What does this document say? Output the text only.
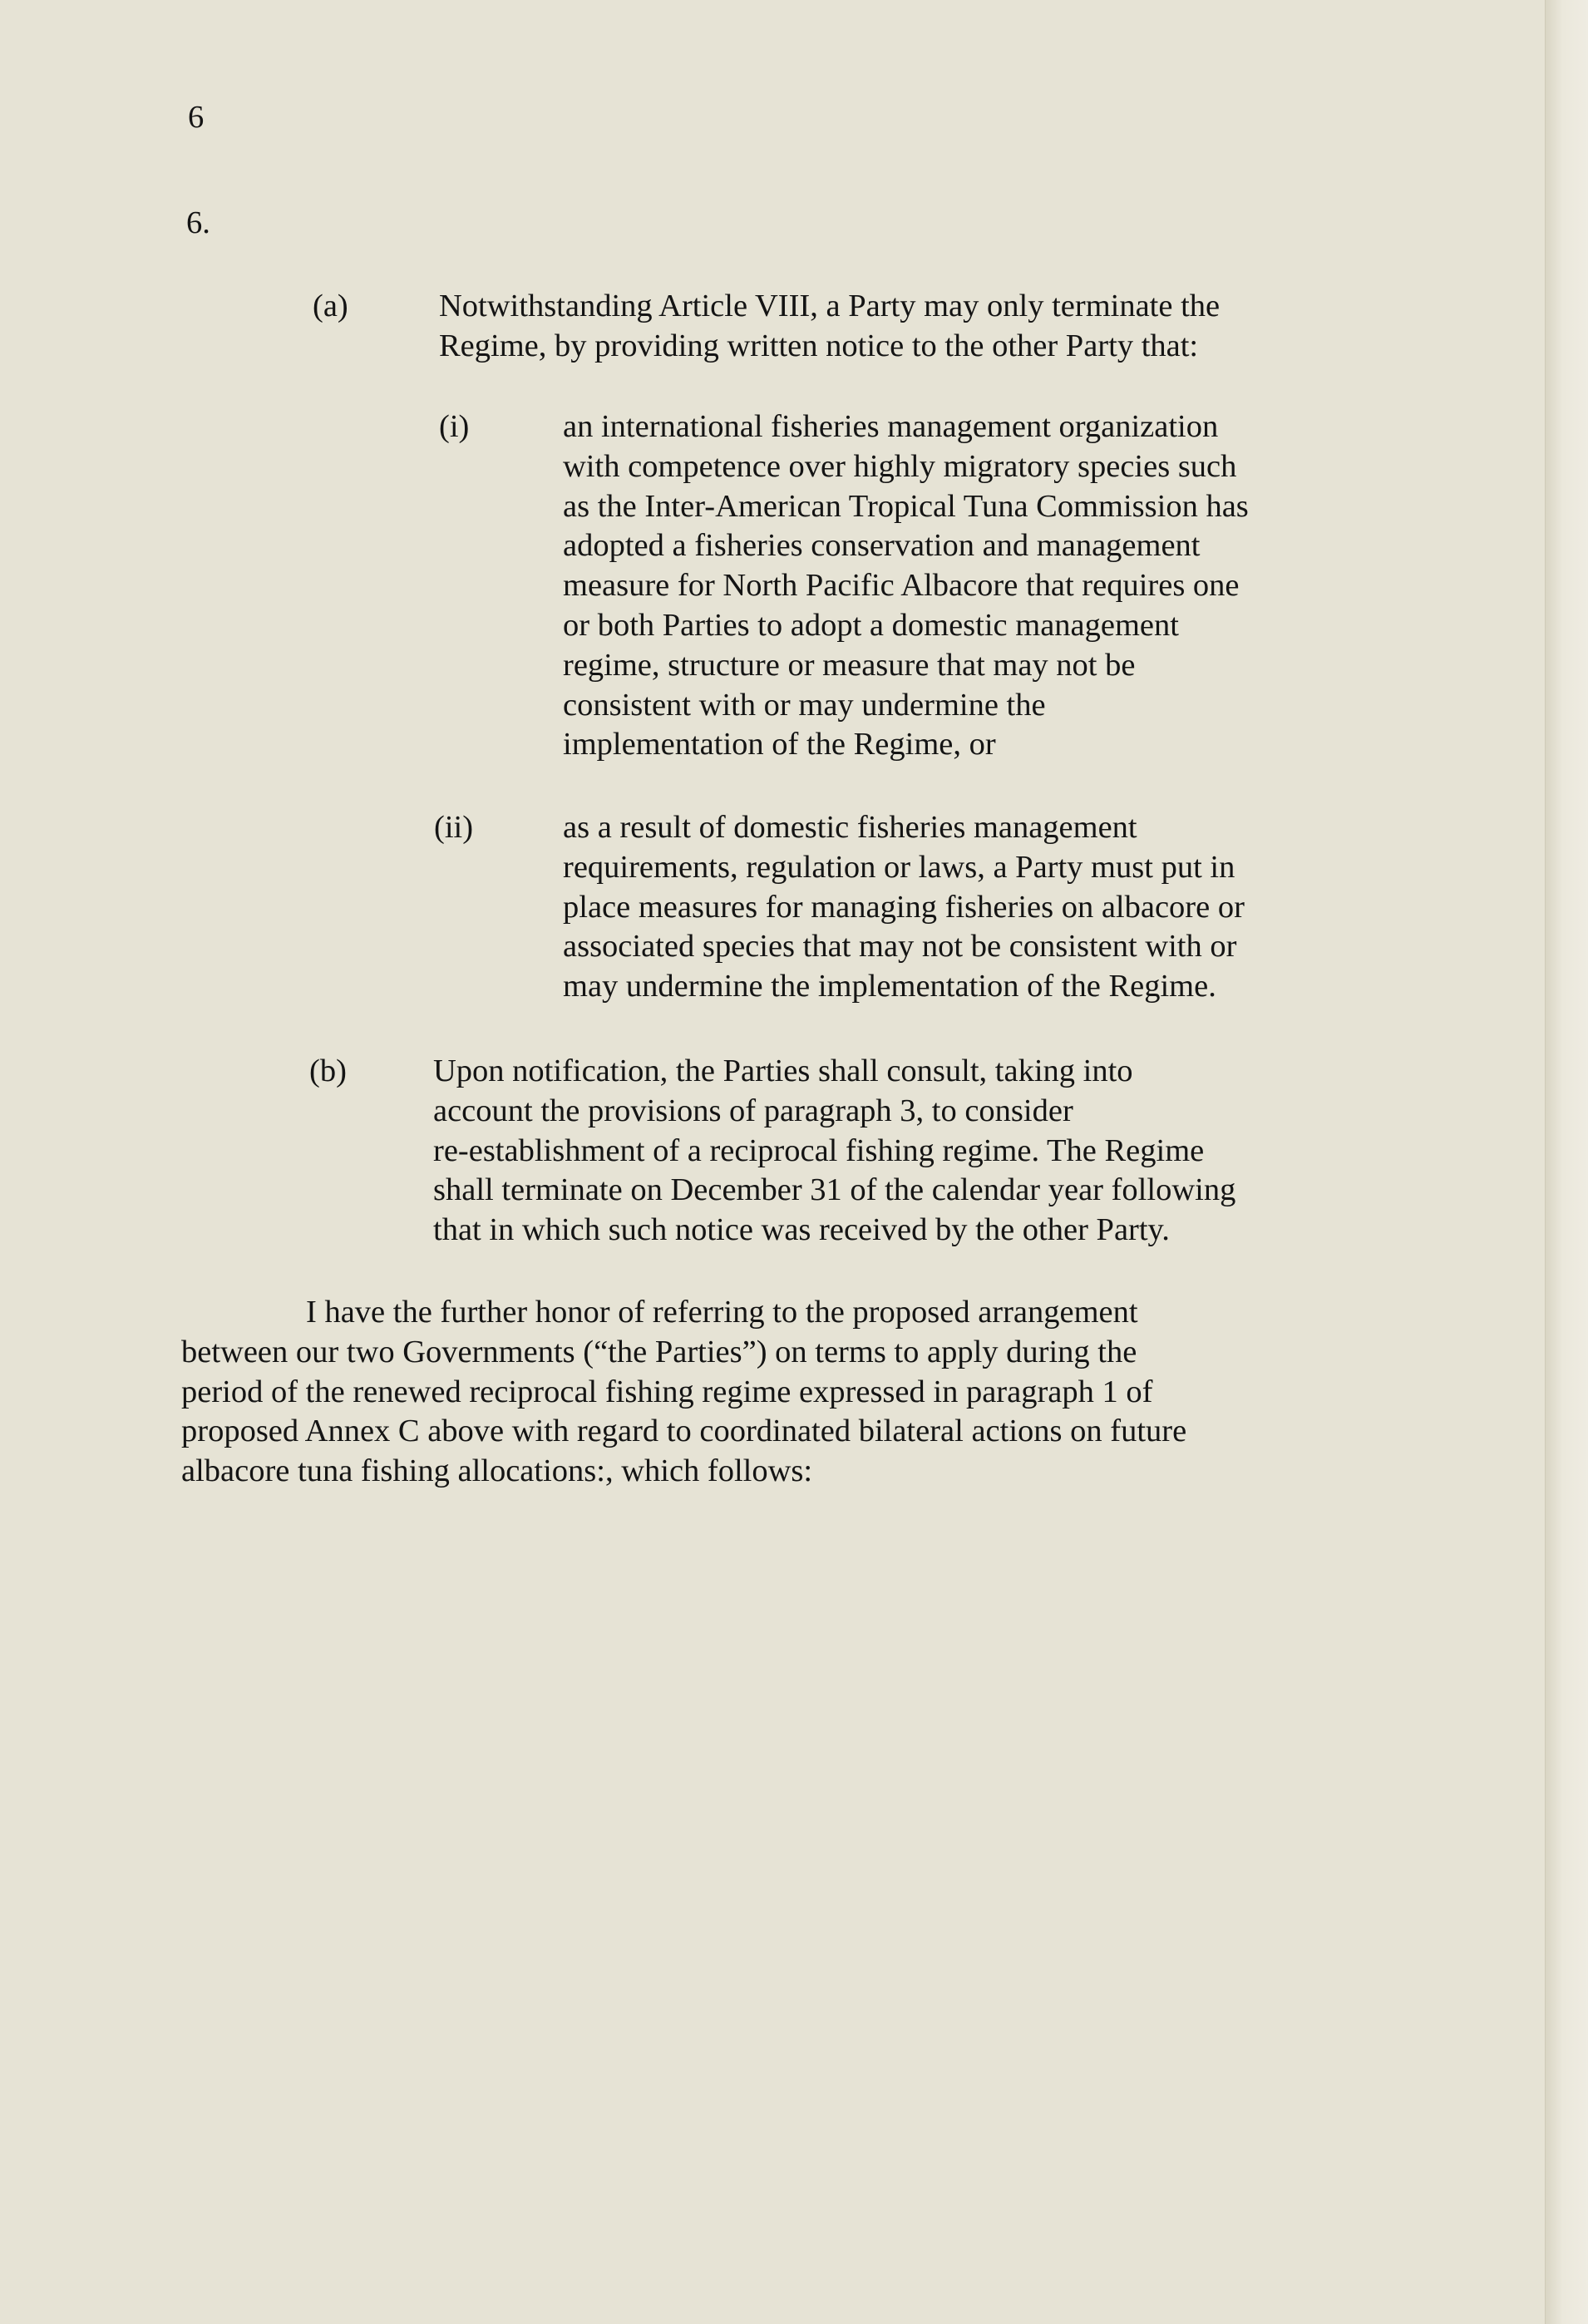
6
6.
(a)	Notwithstanding Article VIII, a Party may only terminate the
Regime, by providing written notice to the other Party that:
(i)	an international fisheries management organization
with competence over highly migratory species such
as the Inter-American Tropical Tuna Commission has
adopted a fisheries conservation and management
measure for North Pacific Albacore that requires one
or both Parties to adopt a domestic management
regime, structure or measure that may not be
consistent with or may undermine the
implementation of the Regime, or
(ii)	as a result of domestic fisheries management
requirements, regulation or laws, a Party must put in
place measures for managing fisheries on albacore or
associated species that may not be consistent with or
may undermine the implementation of the Regime.
(b)	Upon notification, the Parties shall consult, taking into
account the provisions of paragraph 3, to consider
re-establishment of a reciprocal fishing regime. The Regime
shall terminate on December 31 of the calendar year following
that in which such notice was received by the other Party.
I have the further honor of referring to the proposed arrangement
between our two Governments (“the Parties”) on terms to apply during the
period of the renewed reciprocal fishing regime expressed in paragraph 1 of
proposed Annex C above with regard to coordinated bilateral actions on future
albacore tuna fishing allocations:, which follows:
